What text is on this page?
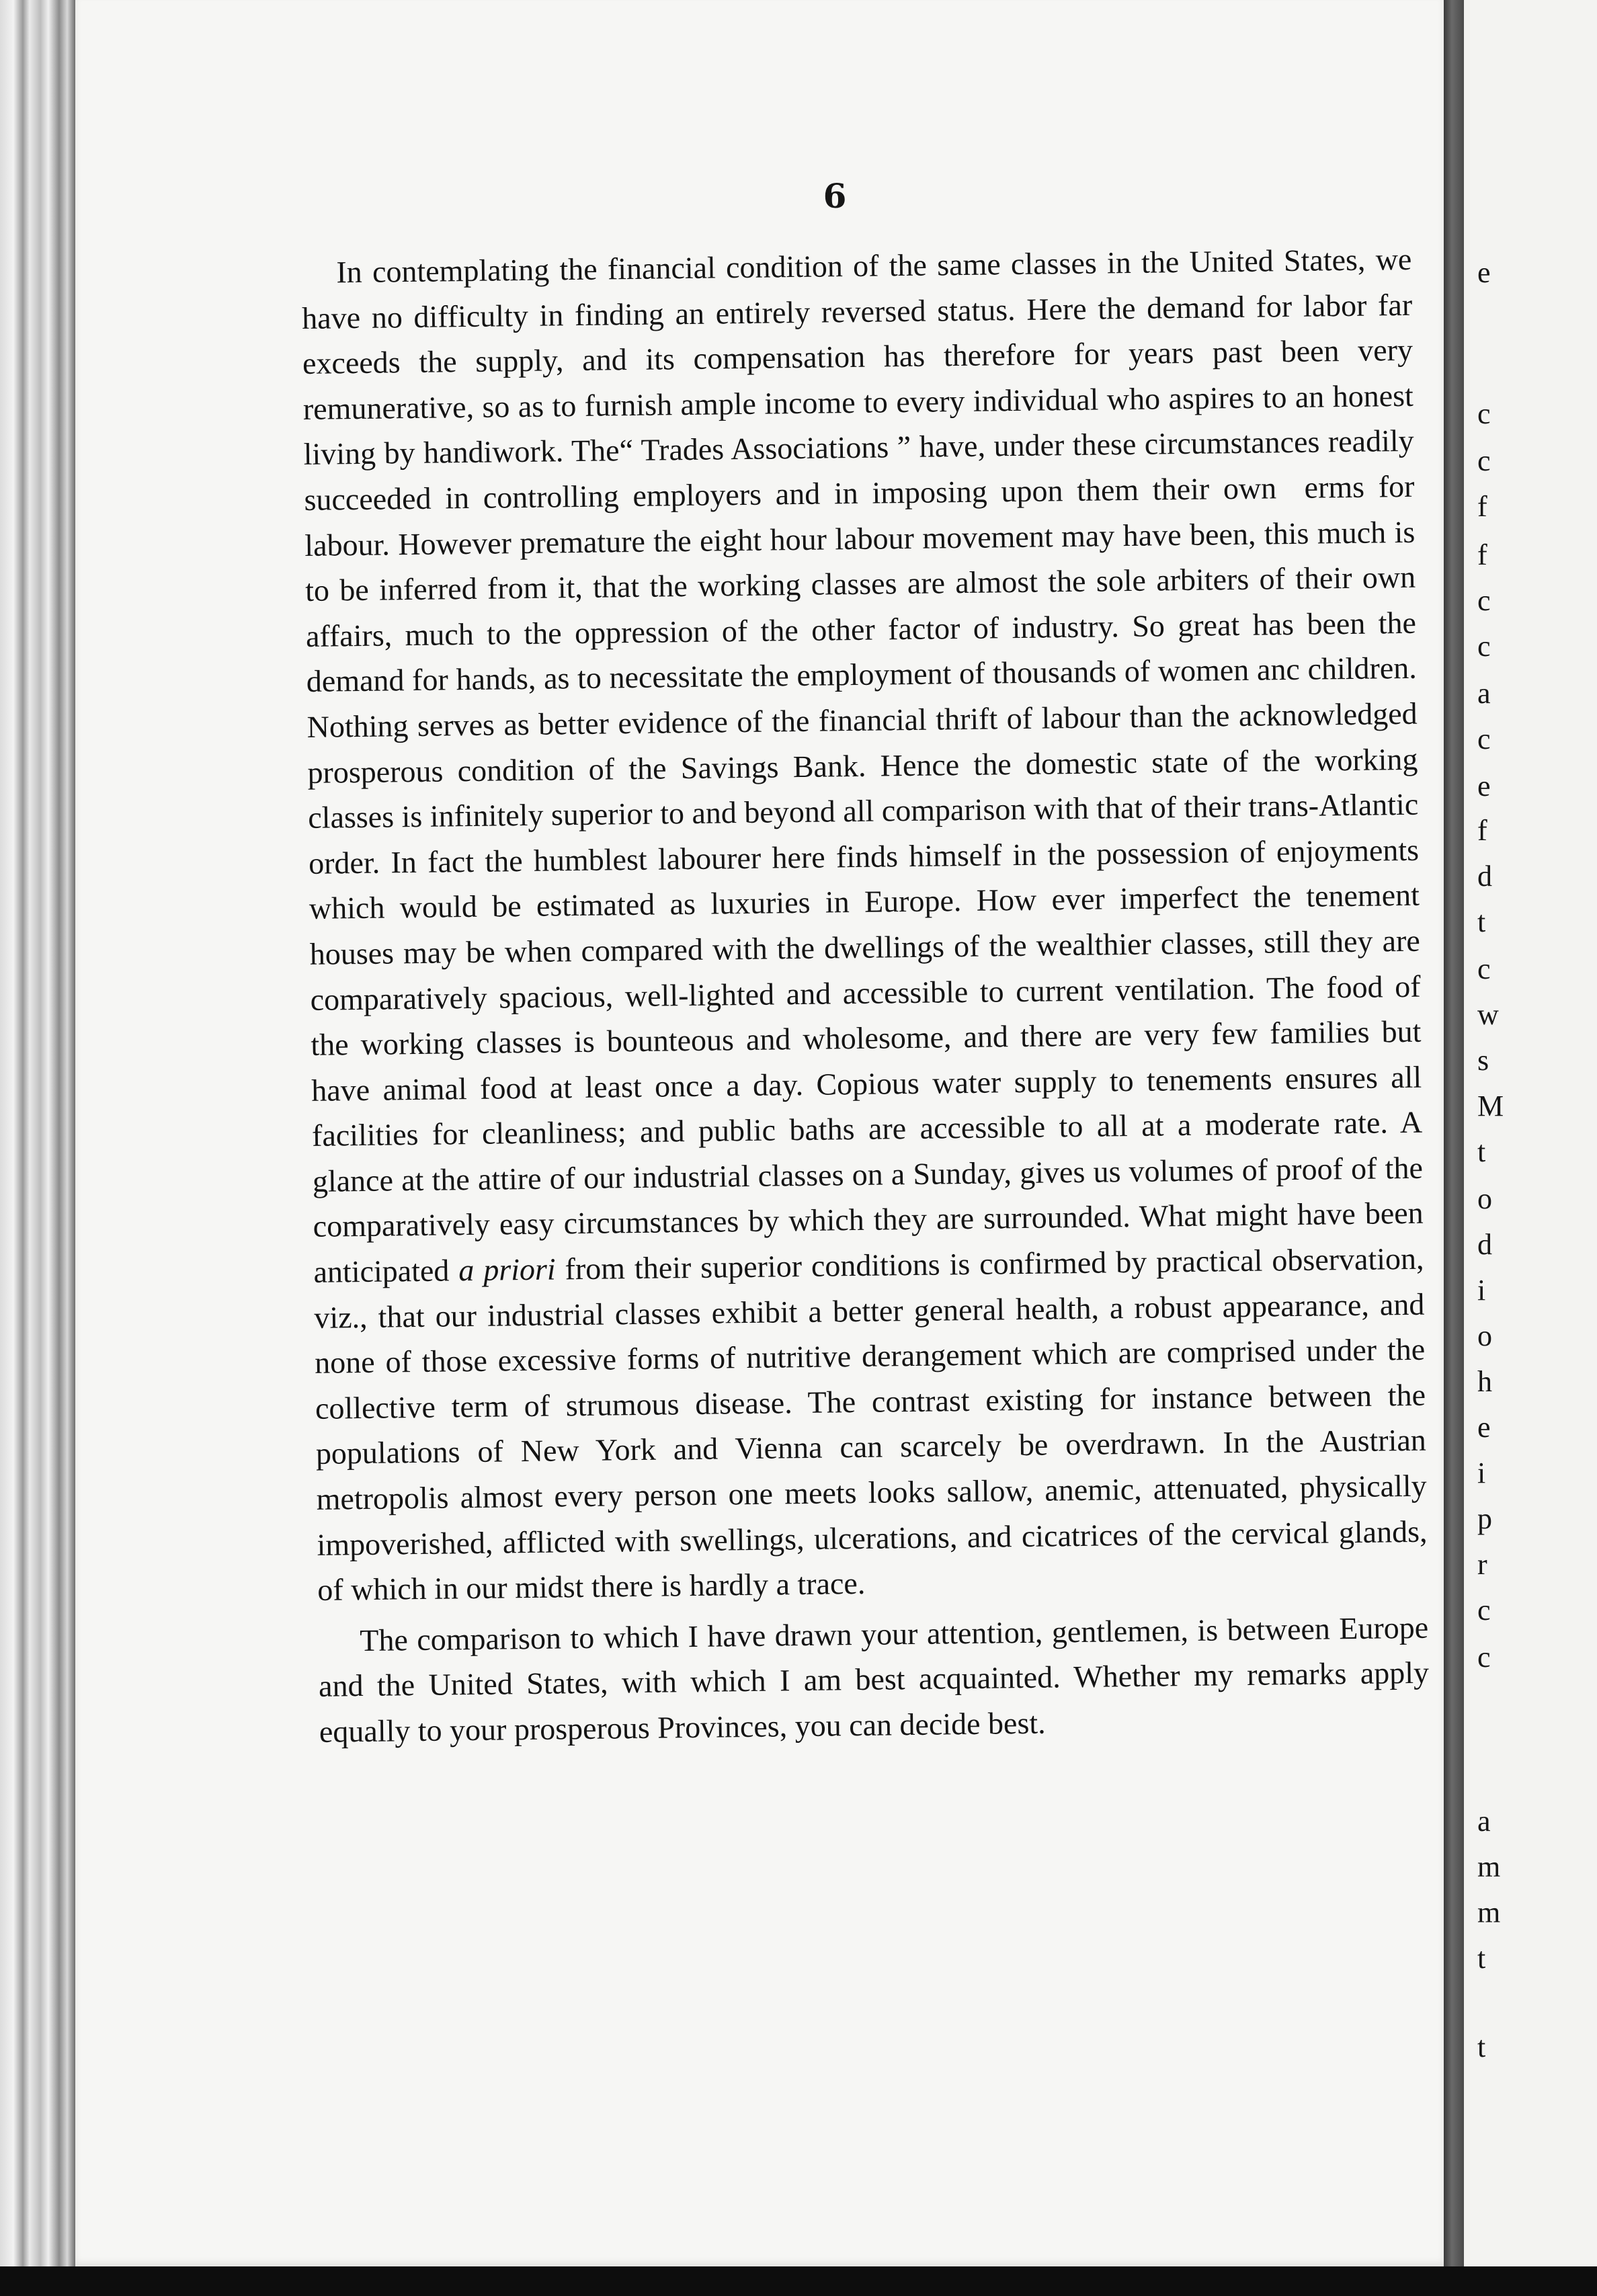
6

In contemplating the financial condition of the same classes in the United States, we have no difficulty in finding an entirely reversed status. Here the demand for labor far exceeds the supply, and its compensation has therefore for years past been very remunerative, so as to furnish ample income to every individual who aspires to an honest living by handiwork. The“ Trades Associations ” have, under these circumstances readily succeeded in controlling employers and in imposing upon them their own  erms for labour. However premature the eight hour labour movement may have been, this much is to be inferred from it, that the working classes are almost the sole arbiters of their own affairs, much to the oppression of the other factor of industry. So great has been the demand for hands, as to necessitate the employment of thousands of women anc children. Nothing serves as better evidence of the financial thrift of labour than the acknowledged prosperous condition of the Savings Bank. Hence the domestic state of the working classes is infinitely superior to and beyond all comparison with that of their trans-Atlantic order. In fact the humblest labourer here finds himself in the possession of enjoyments which would be estimated as luxuries in Europe. How ever imperfect the tenement houses may be when compared with the dwellings of the wealthier classes, still they are comparatively spacious, well-lighted and accessible to current ventilation. The food of the working classes is bounteous and wholesome, and there are very few families but have animal food at least once a day. Copious water supply to tenements ensures all facilities for cleanliness; and public baths are accessible to all at a moderate rate. A glance at the attire of our industrial classes on a Sunday, gives us volumes of proof of the comparatively easy circumstances by which they are surrounded. What might have been anticipated a priori from their superior conditions is confirmed by practical observation, viz., that our industrial classes exhibit a better general health, a robust appearance, and none of those excessive forms of nutritive derangement which are comprised under the collective term of strumous disease. The contrast existing for instance between the populations of New York and Vienna can scarcely be overdrawn. In the Austrian metropolis almost every person one meets looks sallow, anemic, attenuated, physically impoverished, afflicted with swellings, ulcerations, and cicatrices of the cervical glands, of which in our midst there is hardly a trace.

The comparison to which I have drawn your attention, gentlemen, is between Europe and the United States, with which I am best acquainted. Whether my remarks apply equally to your prosperous Provinces, you can decide best.

e
c
c
f
f
c
c
a
c
e
f
d
t
c
w
s
M
t
o
d
i
o
h
e
i
p
r
c
c
a
m
m
t
t
